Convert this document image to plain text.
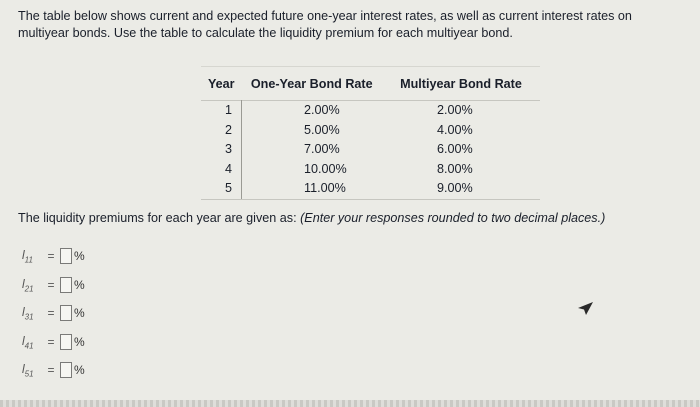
The table below shows current and expected future one-year interest rates, as well as current interest rates on
multiyear bonds. Use the table to calculate the liquidity premium for each multiyear bond.
Year	One-Year Bond Rate	Multiyear Bond Rate
1	2.00%	2.00%
2	5.00%	4.00%
3	7.00%	6.00%
4	10.00%	8.00%
5	11.00%	9.00%
The liquidity premiums for each year are given as: (Enter your responses rounded to two decimal places.)
$l_{11}$	=	%
$l_{21}$	=	%
$l_{31}$	=	%
$l_{41}$	=	%
$l_{51}$	=	%
